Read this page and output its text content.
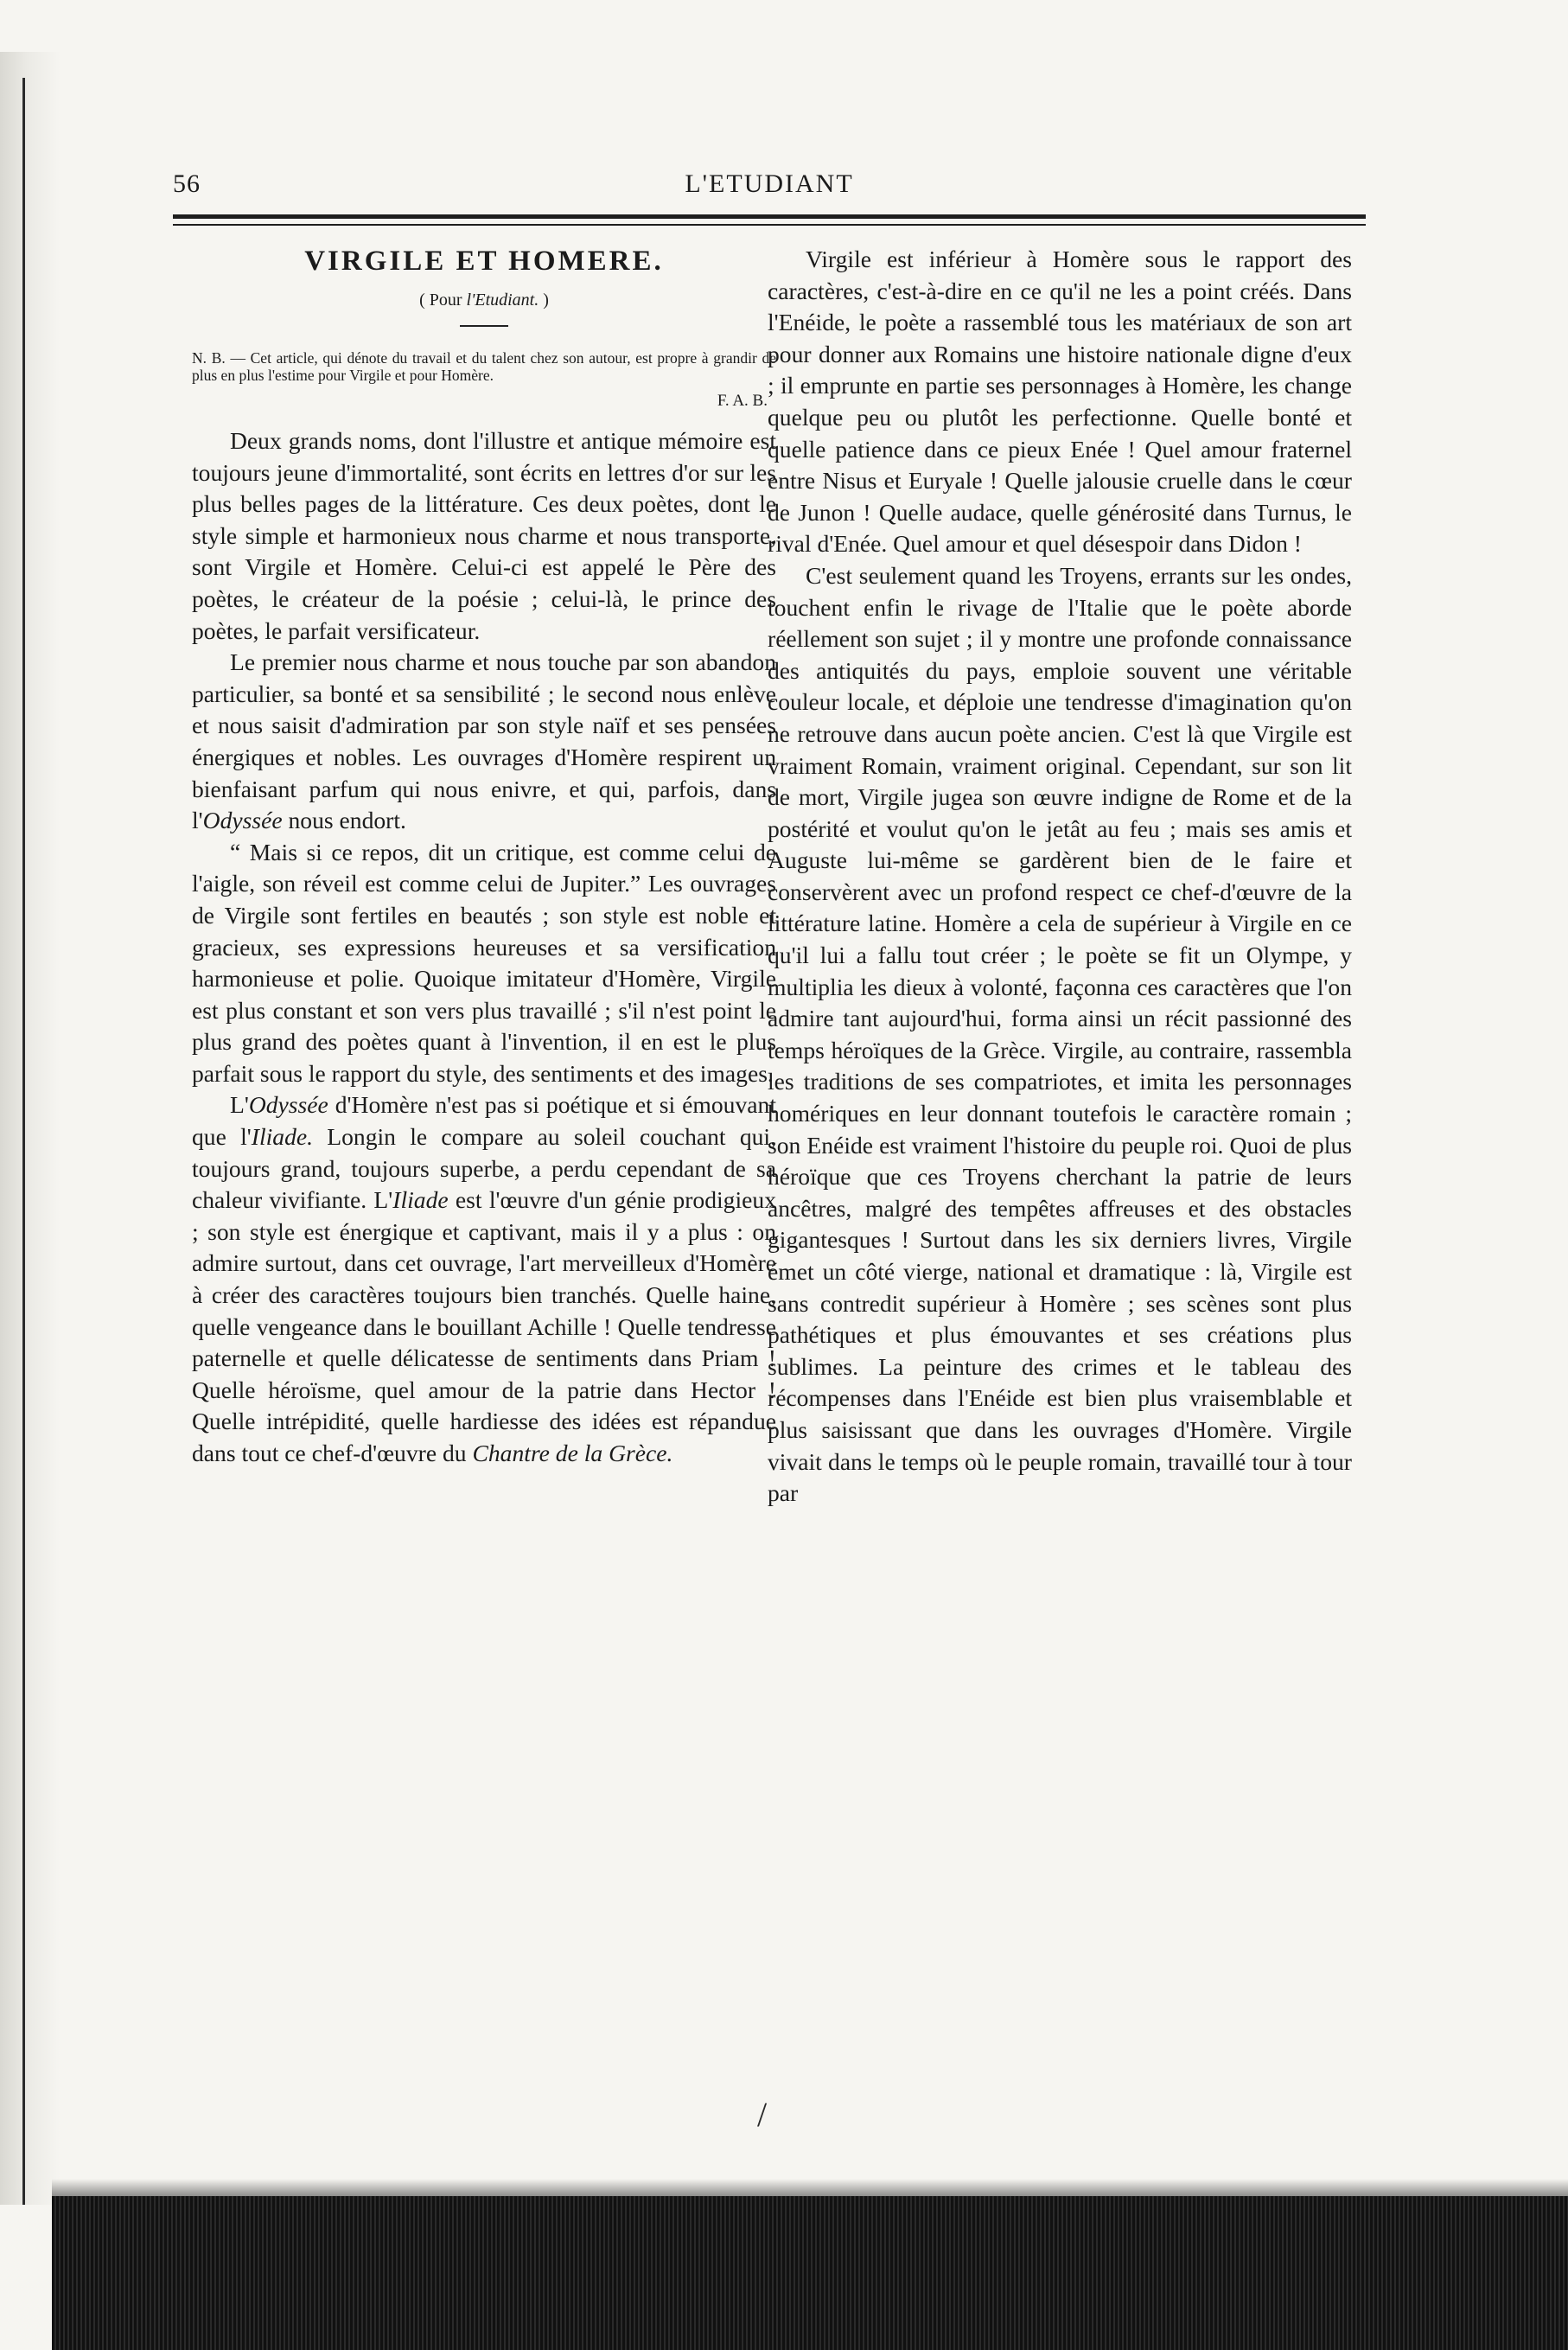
56	L'ETUDIANT
VIRGILE ET HOMERE.
( Pour l'Etudiant. )

N. B. — Cet article, qui dénote du travail et du talent chez son autour, est propre à grandir de plus en plus l'estime pour Virgile et pour Homère.

F. A. B.

Deux grands noms, dont l'illustre et antique mémoire est toujours jeune d'immortalité, sont écrits en lettres d'or sur les plus belles pages de la littérature. Ces deux poètes, dont le style simple et harmonieux nous charme et nous transporte, sont Virgile et Homère. Celui-ci est appelé le Père des poètes, le créateur de la poésie ; celui-là, le prince des poètes, le parfait versificateur.

Le premier nous charme et nous touche par son abandon particulier, sa bonté et sa sensibilité ; le second nous enlève et nous saisit d'admiration par son style naïf et ses pensées énergiques et nobles. Les ouvrages d'Homère respirent un bienfaisant parfum qui nous enivre, et qui, parfois, dans l'Odyssée nous endort.

“ Mais si ce repos, dit un critique, est comme celui de l'aigle, son réveil est comme celui de Jupiter.” Les ouvrages de Virgile sont fertiles en beautés ; son style est noble et gracieux, ses expressions heureuses et sa versification harmonieuse et polie. Quoique imitateur d'Homère, Virgile est plus constant et son vers plus travaillé ; s'il n'est point le plus grand des poètes quant à l'invention, il en est le plus parfait sous le rapport du style, des sentiments et des images.

L'Odyssée d'Homère n'est pas si poétique et si émouvant que l'Iliade. Longin le compare au soleil couchant qui, toujours grand, toujours superbe, a perdu cependant de sa chaleur vivifiante. L'Iliade est l'œuvre d'un génie prodigieux ; son style est énergique et captivant, mais il y a plus : on admire surtout, dans cet ouvrage, l'art merveilleux d'Homère à créer des caractères toujours bien tranchés. Quelle haine, quelle vengeance dans le bouillant Achille ! Quelle tendresse paternelle et quelle délicatesse de sentiments dans Priam ! Quelle héroïsme, quel amour de la patrie dans Hector ! Quelle intrépidité, quelle hardiesse des idées est répandue dans tout ce chef-d'œuvre du Chantre de la Grèce.

Virgile est inférieur à Homère sous le rapport des caractères, c'est-à-dire en ce qu'il ne les a point créés. Dans l'Enéide, le poète a rassemblé tous les matériaux de son art pour donner aux Romains une histoire nationale digne d'eux ; il emprunte en partie ses personnages à Homère, les change quelque peu ou plutôt les perfectionne. Quelle bonté et quelle patience dans ce pieux Enée ! Quel amour fraternel entre Nisus et Euryale ! Quelle jalousie cruelle dans le cœur de Junon ! Quelle audace, quelle générosité dans Turnus, le rival d'Enée. Quel amour et quel désespoir dans Didon !

C'est seulement quand les Troyens, errants sur les ondes, touchent enfin le rivage de l'Italie que le poète aborde réellement son sujet ; il y montre une profonde connaissance des antiquités du pays, emploie souvent une véritable couleur locale, et déploie une tendresse d'imagination qu'on ne retrouve dans aucun poète ancien. C'est là que Virgile est vraiment Romain, vraiment original. Cependant, sur son lit de mort, Virgile jugea son œuvre indigne de Rome et de la postérité et voulut qu'on le jetât au feu ; mais ses amis et Auguste lui-même se gardèrent bien de le faire et conservèrent avec un profond respect ce chef-d'œuvre de la littérature latine. Homère a cela de supérieur à Virgile en ce qu'il lui a fallu tout créer ; le poète se fit un Olympe, y multiplia les dieux à volonté, façonna ces caractères que l'on admire tant aujourd'hui, forma ainsi un récit passionné des temps héroïques de la Grèce. Virgile, au contraire, rassembla les traditions de ses compatriotes, et imita les personnages homériques en leur donnant toutefois le caractère romain ; son Enéide est vraiment l'histoire du peuple roi. Quoi de plus héroïque que ces Troyens cherchant la patrie de leurs ancêtres, malgré des tempêtes affreuses et des obstacles gigantesques ! Surtout dans les six derniers livres, Virgile émet un côté vierge, national et dramatique : là, Virgile est sans contredit supérieur à Homère ; ses scènes sont plus pathétiques et plus émouvantes et ses créations plus sublimes. La peinture des crimes et le tableau des récompenses dans l'Enéide est bien plus vraisemblable et plus saisissant que dans les ouvrages d'Homère. Virgile vivait dans le temps où le peuple romain, travaillé tour à tour par

/
